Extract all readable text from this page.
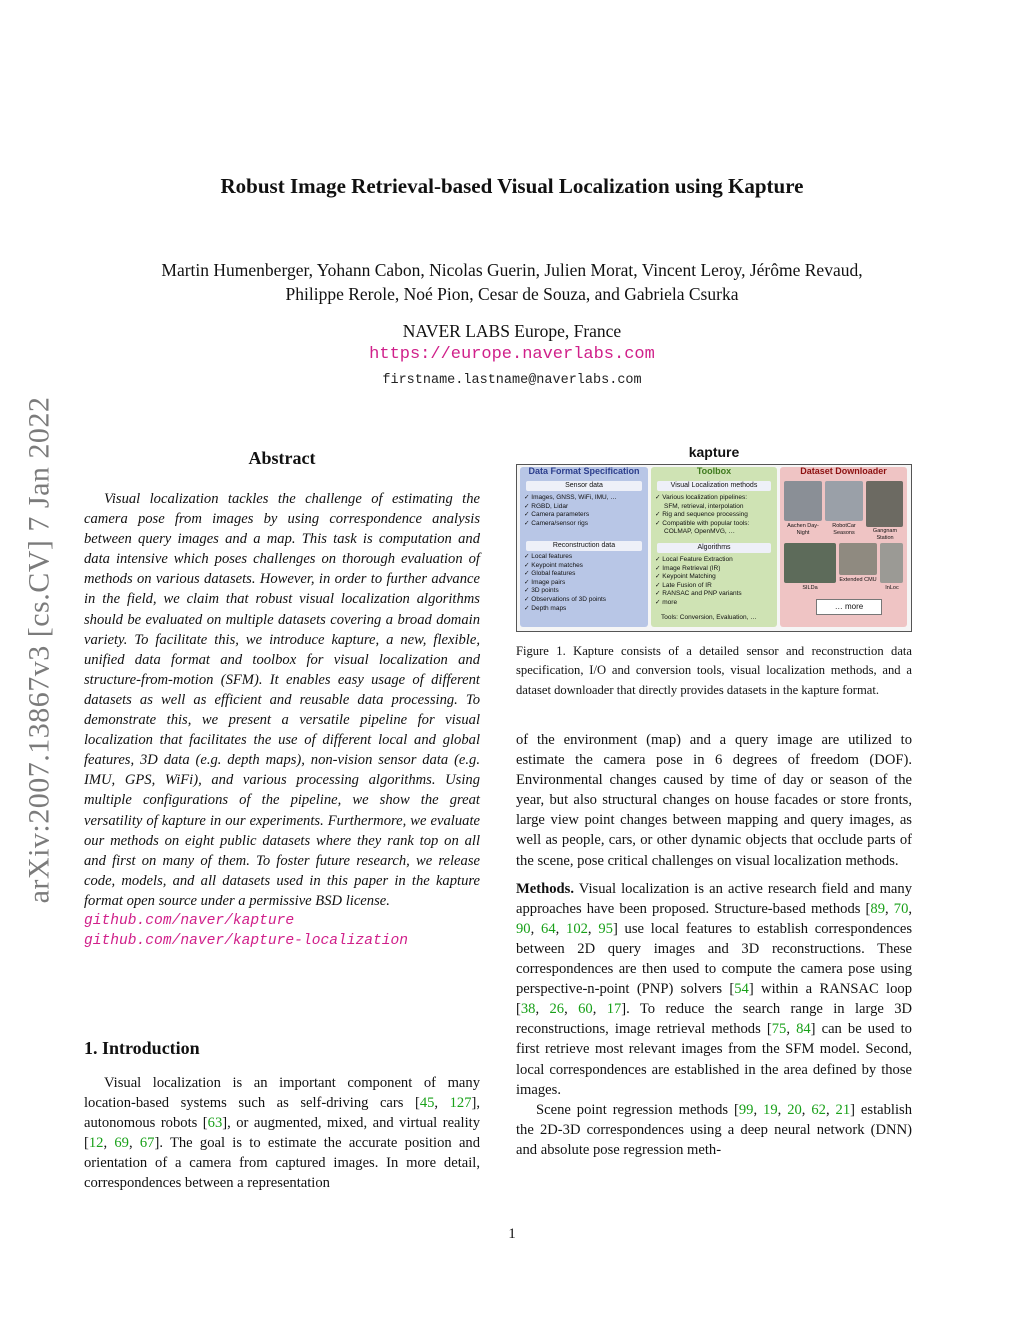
arXiv:2007.13867v3 [cs.CV] 7 Jan 2022
Robust Image Retrieval-based Visual Localization using Kapture
Martin Humenberger, Yohann Cabon, Nicolas Guerin, Julien Morat, Vincent Leroy, Jérôme Revaud,
Philippe Rerole, Noé Pion, Cesar de Souza, and Gabriela Csurka
NAVER LABS Europe, France
https://europe.naverlabs.com
firstname.lastname@naverlabs.com
Abstract

Visual localization tackles the challenge of estimating the camera pose from images by using correspondence analysis between query images and a map. This task is computation and data intensive which poses challenges on thorough evaluation of methods on various datasets. However, in order to further advance in the field, we claim that robust visual localization algorithms should be evaluated on multiple datasets covering a broad domain variety. To facilitate this, we introduce kapture, a new, flexible, unified data format and toolbox for visual localization and structure-from-motion (SFM). It enables easy usage of different datasets as well as efficient and reusable data processing. To demonstrate this, we present a versatile pipeline for visual localization that facilitates the use of different local and global features, 3D data (e.g. depth maps), non-vision sensor data (e.g. IMU, GPS, WiFi), and various processing algorithms. Using multiple configurations of the pipeline, we show the great versatility of kapture in our experiments. Furthermore, we evaluate our methods on eight public datasets where they rank top on all and first on many of them. To foster future research, we release code, models, and all datasets used in this paper in the kapture format open source under a permissive BSD license.

github.com/naver/kapture
github.com/naver/kapture-localization
1. Introduction

Visual localization is an important component of many location-based systems such as self-driving cars [45, 127], autonomous robots [63], or augmented, mixed, and virtual reality [12, 69, 67]. The goal is to estimate the accurate position and orientation of a camera from captured images. In more detail, correspondences between a representation

kapture
Data Format Specification
Sensor data
✓ Images, GNSS, WiFi, IMU, …
✓ RGBD, Lidar
✓ Camera parameters
✓ Camera/sensor rigs
Reconstruction data
✓ Local features
✓ Keypoint matches
✓ Global features
✓ Image pairs
✓ 3D points
✓ Observations of 3D points
✓ Depth maps
Toolbox
Visual Localization methods
✓ Various localization pipelines:
SFM, retrieval, interpolation
✓ Rig and sequence processing
✓ Compatible with popular tools:
COLMAP, OpenMVG, …
Algorithms
✓ Local Feature Extraction
✓ Image Retrieval (IR)
✓ Keypoint Matching
✓ Late Fusion of IR
✓ RANSAC and PNP variants
✓ more
Tools: Conversion, Evaluation, …
Dataset Downloader
Aachen Day-Night
RobotCar Seasons	Gangnam Station
SILDa
Extended CMU
InLoc
… more
Figure 1. Kapture consists of a detailed sensor and reconstruction data specification, I/O and conversion tools, visual localization methods, and a dataset downloader that directly provides datasets in the kapture format.

of the environment (map) and a query image are utilized to estimate the camera pose in 6 degrees of freedom (DOF). Environmental changes caused by time of day or season of the year, but also structural changes on house facades or store fronts, large view point changes between mapping and query images, as well as people, cars, or other dynamic objects that occlude parts of the scene, pose critical challenges on visual localization methods.

Methods. Visual localization is an active research field and many approaches have been proposed. Structure-based methods [89, 70, 90, 64, 102, 95] use local features to establish correspondences between 2D query images and 3D reconstructions. These correspondences are then used to compute the camera pose using perspective-n-point (PNP) solvers [54] within a RANSAC loop [38, 26, 60, 17]. To reduce the search range in large 3D reconstructions, image retrieval methods [75, 84] can be used to first retrieve most relevant images from the SFM model. Second, local correspondences are established in the area defined by those images.

Scene point regression methods [99, 19, 20, 62, 21] establish the 2D-3D correspondences using a deep neural network (DNN) and absolute pose regression meth-

1
